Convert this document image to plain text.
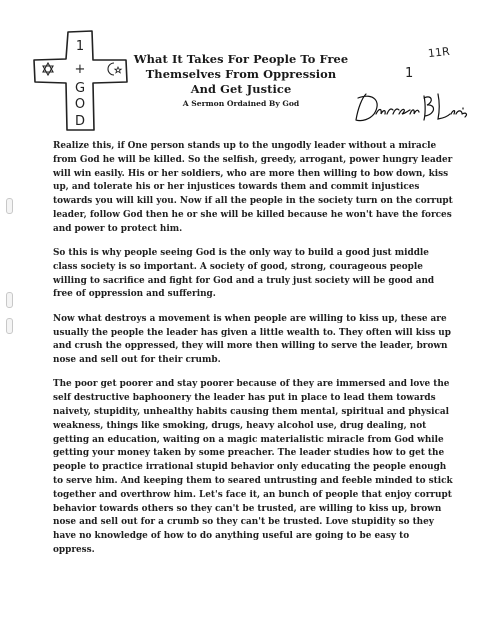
1
+
G
O
D
What It Takes For People To Free
Themselves From Oppression
And Get Justice
A Sermon Ordained By God
11R
1

Realize this, if One person stands up to the ungodly leader without a miracle from God he will be killed. So the selfish, greedy, arrogant, power hungry leader will win easily. His or her soldiers, who are more then willing to bow down, kiss up, and tolerate his or her injustices towards them and commit injustices towards you will kill you. Now if all the people in the society turn on the corrupt leader, follow God then he or she will be killed because he won't have the forces and power to protect him.

So this is why people seeing God is the only way to build a good just middle class society is so important. A society of good, strong, courageous people willing to sacrifice and fight for God and a truly just society will be good and free of oppression and suffering.

Now what destroys a movement is when people are willing to kiss up, these are usually the people the leader has given a little wealth to. They often will kiss up and crush the oppressed, they will more then willing to serve the leader, brown nose and sell out for their crumb.

The poor get poorer and stay poorer because of they are immersed and love the self destructive baphoonery the leader has put in place to lead them towards naivety, stupidity, unhealthy habits causing them mental, spiritual and physical weakness, things like smoking, drugs, heavy alcohol use, drug dealing, not getting an education, waiting on a magic materialistic miracle from God while getting your money taken by some preacher. The leader studies how to get the people to practice irrational stupid behavior only educating the people enough to serve him. And keeping them to seared untrusting and feeble minded to stick together and overthrow him. Let's face it, an bunch of people that enjoy corrupt behavior towards others so they can't be trusted, are willing to kiss up, brown nose and sell out for a crumb so they can't be trusted. Love stupidity so they have no knowledge of how to do anything useful are going to be easy to oppress.
